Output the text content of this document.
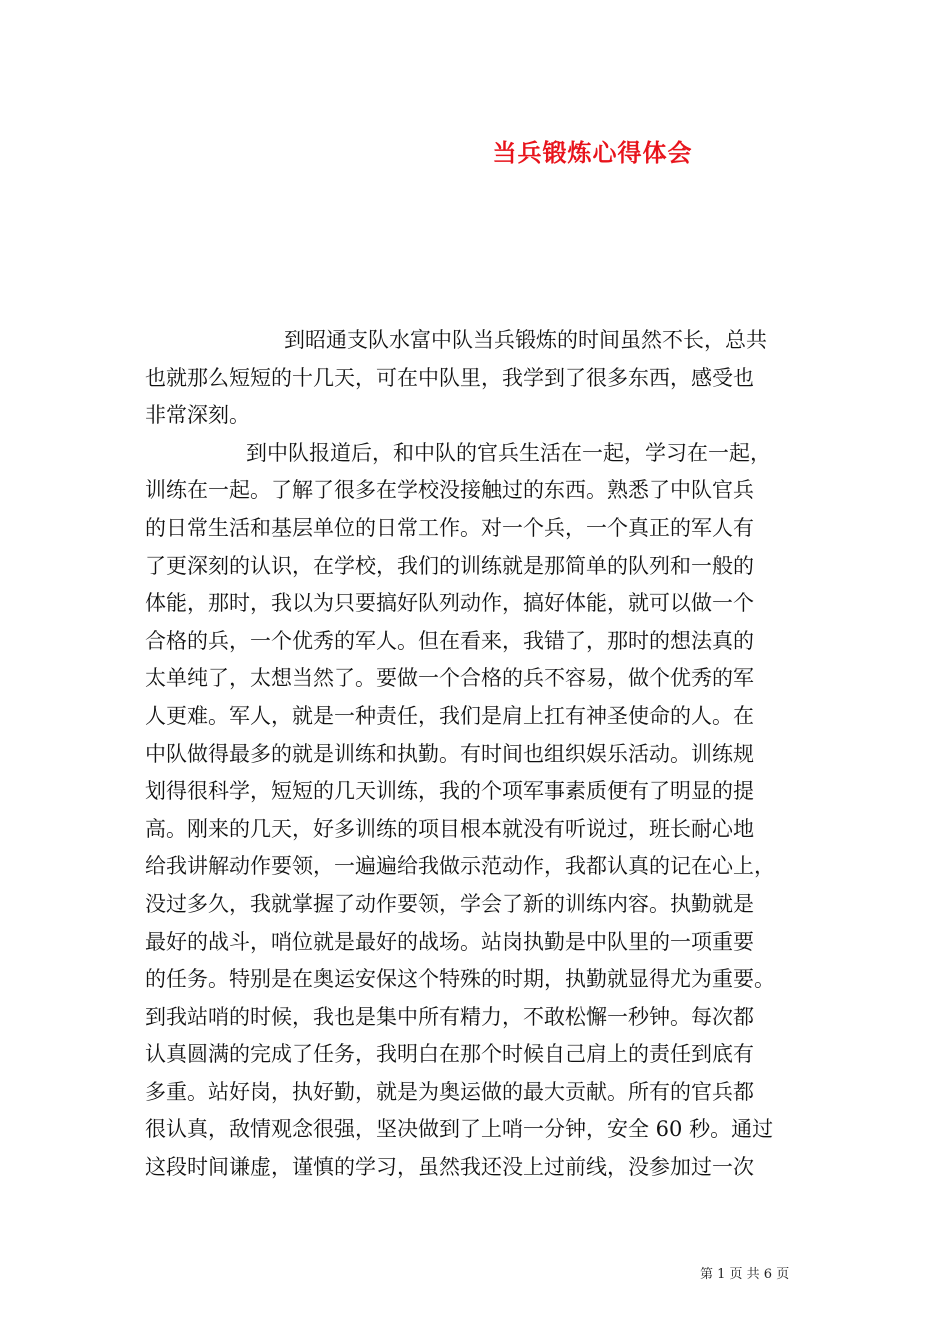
当兵锻炼心得体会
到昭通支队水富中队当兵锻炼的时间虽然不长，总共
也就那么短短的十几天，可在中队里，我学到了很多东西，感受也
非常深刻。
到中队报道后，和中队的官兵生活在一起，学习在一起，
训练在一起。了解了很多在学校没接触过的东西。熟悉了中队官兵
的日常生活和基层单位的日常工作。对一个兵，一个真正的军人有
了更深刻的认识，在学校，我们的训练就是那简单的队列和一般的
体能，那时，我以为只要搞好队列动作，搞好体能，就可以做一个
合格的兵，一个优秀的军人。但在看来，我错了，那时的想法真的
太单纯了，太想当然了。要做一个合格的兵不容易，做个优秀的军
人更难。军人，就是一种责任，我们是肩上扛有神圣使命的人。在
中队做得最多的就是训练和执勤。有时间也组织娱乐活动。训练规
划得很科学，短短的几天训练，我的个项军事素质便有了明显的提
高。刚来的几天，好多训练的项目根本就没有听说过，班长耐心地
给我讲解动作要领，一遍遍给我做示范动作，我都认真的记在心上，
没过多久，我就掌握了动作要领，学会了新的训练内容。执勤就是
最好的战斗，哨位就是最好的战场。站岗执勤是中队里的一项重要
的任务。特别是在奥运安保这个特殊的时期，执勤就显得尤为重要。
到我站哨的时候，我也是集中所有精力，不敢松懈一秒钟。每次都
认真圆满的完成了任务，我明白在那个时候自己肩上的责任到底有
多重。站好岗，执好勤，就是为奥运做的最大贡献。所有的官兵都
很认真，敌情观念很强，坚决做到了上哨一分钟，安全 60 秒。通过
这段时间谦虚，谨慎的学习，虽然我还没上过前线，没参加过一次
第 1 页 共 6 页
